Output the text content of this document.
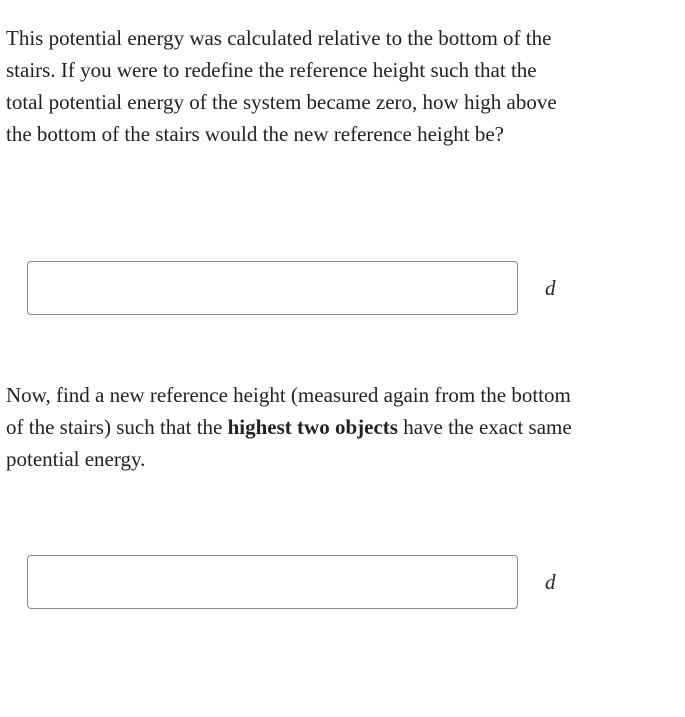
This potential energy was calculated relative to the bottom of the stairs. If you were to redefine the reference height such that the total potential energy of the system became zero, how high above the bottom of the stairs would the new reference height be?

d

Now, find a new reference height (measured again from the bottom of the stairs) such that the highest two objects have the exact same potential energy.

d
